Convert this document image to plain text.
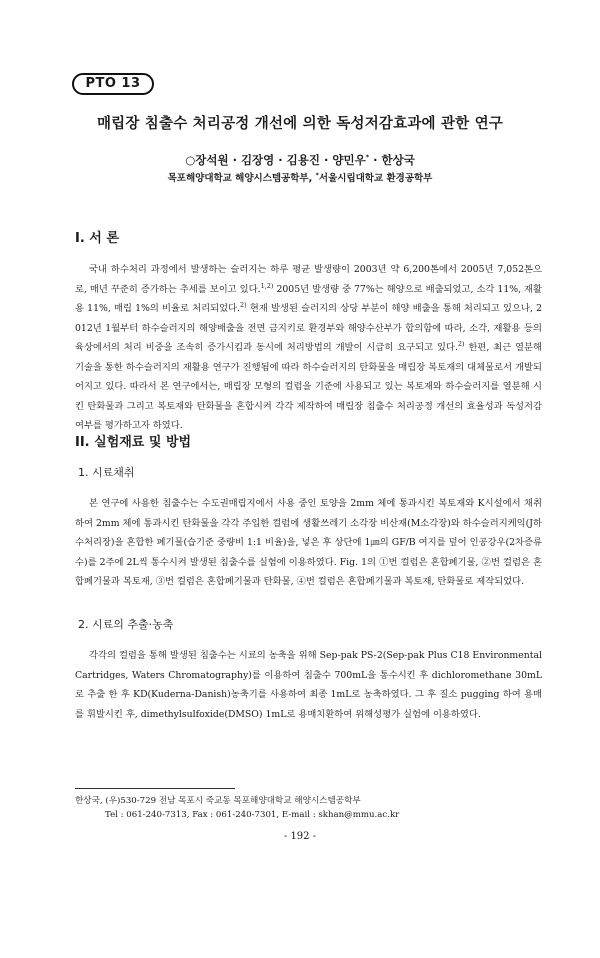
PTO 13
매립장 침출수 처리공정 개선에 의한 독성저감효과에 관한 연구
○장석원 · 김장영 · 김용진 · 양민우* · 한상국
목포해양대학교 해양시스템공학부, *서울시립대학교 환경공학부
I. 서 론

국내 하수처리 과정에서 발생하는 슬러지는 하루 평균 발생량이 2003년 약 6,200톤에서 2005년 7,052톤으로, 매년 꾸준히 증가하는 추세를 보이고 있다.$^{1,2)}$ 2005년 발생량 중 77%는 해양으로 배출되었고, 소각 11%, 재활용 11%, 매립 1%의 비율로 처리되었다.$^{2)}$ 현재 발생된 슬러지의 상당 부분이 해양 배출을 통해 처리되고 있으나, 2012년 1월부터 하수슬러지의 해양배출을 전면 금지키로 환경부와 해양수산부가 합의함에 따라, 소각, 재활용 등의 육상에서의 처리 비중을 조속히 증가시킴과 동시에 처리방법의 개발이 시급히 요구되고 있다.$^{2)}$ 한편, 최근 열분해 기술을 통한 하수슬러지의 재활용 연구가 진행됨에 따라 하수슬러지의 탄화물을 매립장 복토재의 대체물로서 개발되어지고 있다. 따라서 본 연구에서는, 매립장 모형의 컬럼을 기준에 사용되고 있는 복토재와 하수슬러지를 열분해 시킨 탄화물과 그리고 복토재와 탄화물을 혼합시켜 각각 제작하여 매립장 침출수 처리공정 개선의 효율성과 독성저감 여부를 평가하고자 하였다.

II. 실험재료 및 방법
1. 시료채취

본 연구에 사용한 침출수는 수도권매립지에서 사용 중인 토양을 2mm 체에 통과시킨 복토재와 K시설에서 채취하여 2mm 체에 통과시킨 탄화물을 각각 주입한 컬럼에 생활쓰레기 소각장 비산재(M소각장)와 하수슬러지케익(J하수처리장)을 혼합한 폐기물(습기준 중량비 1:1 비율)을, 넣은 후 상단에 1㎛의 GF/B 여지를 덮어 인공강우(2차증류수)를 2주에 2L씩 통수시켜 발생된 침출수를 실험에 이용하였다. Fig. 1의 ①번 컬럼은 혼합폐기물, ②번 컬럼은 혼합폐기물과 복토재, ③번 컬럼은 혼합폐기물과 탄화물, ④번 컬럼은 혼합폐기물과 복토재, 탄화물로 제작되었다.

2. 시료의 추출·농축

각각의 컬럼을 통해 발생된 침출수는 시료의 농축을 위해 Sep-pak PS-2(Sep-pak Plus C18 Environmental Cartridges, Waters Chromatography)를 이용하여 침출수 700mL을 통수시킨 후 dichloromethane 30mL로 추출 한 후 KD(Kuderna-Danish)농축기를 사용하여 최종 1mL로 농축하였다. 그 후 질소 pugging 하여 용매를 휘발시킨 후, dimethylsulfoxide(DMSO) 1mL로 용매치환하여 위해성평가 실험에 이용하였다.

한상국, (우)530-729 전남 목포시 죽교동 목포해양대학교 해양시스템공학부
Tel : 061-240-7313, Fax : 061-240-7301, E-mail : skhan@mmu.ac.kr
- 192 -
